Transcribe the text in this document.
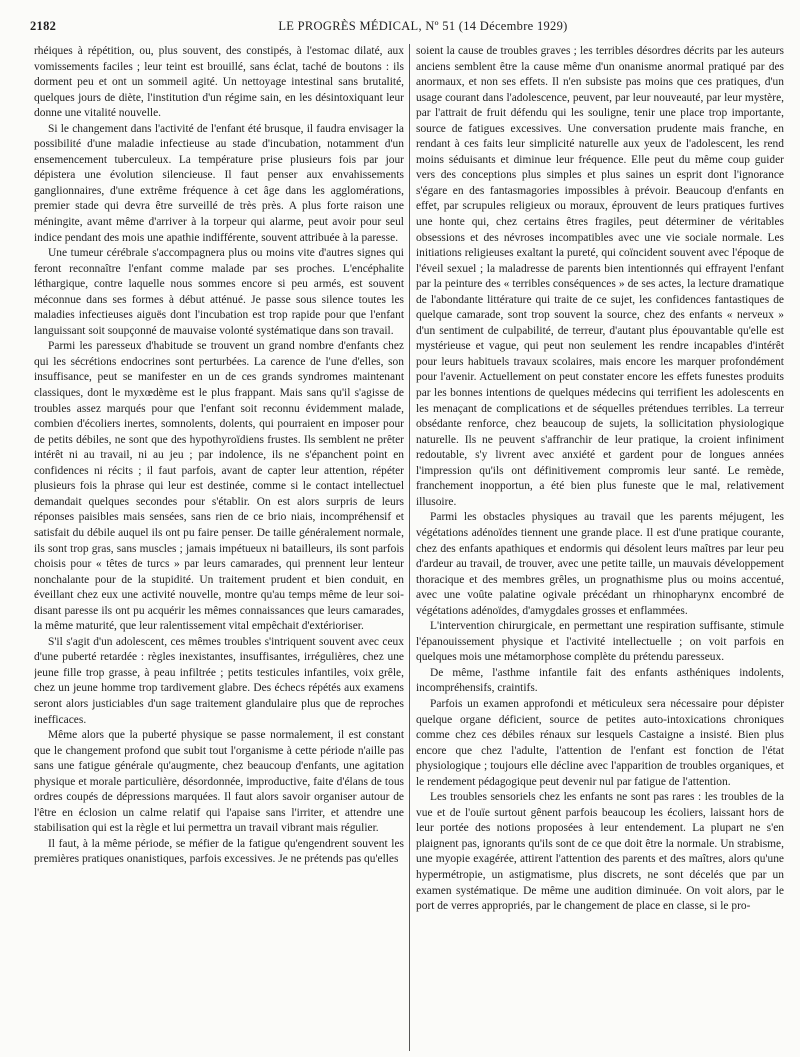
2182	LE PROGRÈS MÉDICAL, Nº 51 (14 Décembre 1929)

rhéiques à répétition, ou, plus souvent, des constipés, à l'estomac dilaté, aux vomissements faciles ; leur teint est brouillé, sans éclat, taché de boutons : ils dorment peu et ont un sommeil agité. Un nettoyage intestinal sans brutalité, quelques jours de diète, l'institution d'un régime sain, en les désintoxiquant leur donne une vitalité nouvelle.

Si le changement dans l'activité de l'enfant été brusque, il faudra envisager la possibilité d'une maladie infectieuse au stade d'incubation, notamment d'un ensemencement tuberculeux. La température prise plusieurs fois par jour dépistera une évolution silencieuse. Il faut penser aux envahissements ganglionnaires, d'une extrême fréquence à cet âge dans les agglomérations, premier stade qui devra être surveillé de très près. A plus forte raison une méningite, avant même d'arriver à la torpeur qui alarme, peut avoir pour seul indice pendant des mois une apathie indifférente, souvent attribuée à la paresse.

Une tumeur cérébrale s'accompagnera plus ou moins vite d'autres signes qui feront reconnaître l'enfant comme malade par ses proches. L'encéphalite léthargique, contre laquelle nous sommes encore si peu armés, est souvent méconnue dans ses formes à début atténué. Je passe sous silence toutes les maladies infectieuses aiguës dont l'incubation est trop rapide pour que l'enfant languissant soit soupçonné de mauvaise volonté systématique dans son travail.

Parmi les paresseux d'habitude se trouvent un grand nombre d'enfants chez qui les sécrétions endocrines sont perturbées. La carence de l'une d'elles, son insuffisance, peut se manifester en un de ces grands syndromes maintenant classiques, dont le myxœdème est le plus frappant. Mais sans qu'il s'agisse de troubles assez marqués pour que l'enfant soit reconnu évidemment malade, combien d'écoliers inertes, somnolents, dolents, qui pourraient en imposer pour de petits débiles, ne sont que des hypothyroïdiens frustes. Ils semblent ne prêter intérêt ni au travail, ni au jeu ; par indolence, ils ne s'épanchent point en confidences ni récits ; il faut parfois, avant de capter leur attention, répéter plusieurs fois la phrase qui leur est destinée, comme si le contact intellectuel demandait quelques secondes pour s'établir. On est alors surpris de leurs réponses paisibles mais sensées, sans rien de ce brio niais, incompréhensif et satisfait du débile auquel ils ont pu faire penser. De taille généralement normale, ils sont trop gras, sans muscles ; jamais impétueux ni batailleurs, ils sont parfois choisis pour « têtes de turcs » par leurs camarades, qui prennent leur lenteur nonchalante pour de la stupidité. Un traitement prudent et bien conduit, en éveillant chez eux une activité nouvelle, montre qu'au temps même de leur soi-disant paresse ils ont pu acquérir les mêmes connaissances que leurs camarades, la même maturité, que leur ralentissement vital empêchait d'extérioriser.

S'il s'agit d'un adolescent, ces mêmes troubles s'intriquent souvent avec ceux d'une puberté retardée : règles inexistantes, insuffisantes, irrégulières, chez une jeune fille trop grasse, à peau infiltrée ; petits testicules infantiles, voix grêle, chez un jeune homme trop tardivement glabre. Des échecs répétés aux examens seront alors justiciables d'un sage traitement glandulaire plus que de reproches inefficaces.

Même alors que la puberté physique se passe normalement, il est constant que le changement profond que subit tout l'organisme à cette période n'aille pas sans une fatigue générale qu'augmente, chez beaucoup d'enfants, une agitation physique et morale particulière, désordonnée, improductive, faite d'élans de tous ordres coupés de dépressions marquées. Il faut alors savoir organiser autour de l'être en éclosion un calme relatif qui l'apaise sans l'irriter, et attendre une stabilisation qui est la règle et lui permettra un travail vibrant mais régulier.

Il faut, à la même période, se méfier de la fatigue qu'engendrent souvent les premières pratiques onanistiques, parfois excessives. Je ne prétends pas qu'elles

soient la cause de troubles graves ; les terribles désordres décrits par les auteurs anciens semblent être la cause même d'un onanisme anormal pratiqué par des anormaux, et non ses effets. Il n'en subsiste pas moins que ces pratiques, d'un usage courant dans l'adolescence, peuvent, par leur nouveauté, par leur mystère, par l'attrait de fruit défendu qui les souligne, tenir une place trop importante, source de fatigues excessives. Une conversation prudente mais franche, en rendant à ces faits leur simplicité naturelle aux yeux de l'adolescent, les rend moins séduisants et diminue leur fréquence. Elle peut du même coup guider vers des conceptions plus simples et plus saines un esprit dont l'ignorance s'égare en des fantasmagories impossibles à prévoir. Beaucoup d'enfants en effet, par scrupules religieux ou moraux, éprouvent de leurs pratiques furtives une honte qui, chez certains êtres fragiles, peut déterminer de véritables obsessions et des névroses incompatibles avec une vie sociale normale. Les initiations religieuses exaltant la pureté, qui coïncident souvent avec l'époque de l'éveil sexuel ; la maladresse de parents bien intentionnés qui effrayent l'enfant par la peinture des « terribles conséquences » de ses actes, la lecture dramatique de l'abondante littérature qui traite de ce sujet, les confidences fantastiques de quelque camarade, sont trop souvent la source, chez des enfants « nerveux » d'un sentiment de culpabilité, de terreur, d'autant plus épouvantable qu'elle est mystérieuse et vague, qui peut non seulement les rendre incapables d'intérêt pour leurs habituels travaux scolaires, mais encore les marquer profondément pour l'avenir. Actuellement on peut constater encore les effets funestes produits par les bonnes intentions de quelques médecins qui terrifient les adolescents en les menaçant de complications et de séquelles prétendues terribles. La terreur obsédante renforce, chez beaucoup de sujets, la sollicitation physiologique naturelle. Ils ne peuvent s'affranchir de leur pratique, la croient infiniment redoutable, s'y livrent avec anxiété et gardent pour de longues années l'impression qu'ils ont définitivement compromis leur santé. Le remède, franchement inopportun, a été bien plus funeste que le mal, relativement illusoire.

Parmi les obstacles physiques au travail que les parents méjugent, les végétations adénoïdes tiennent une grande place. Il est d'une pratique courante, chez des enfants apathiques et endormis qui désolent leurs maîtres par leur peu d'ardeur au travail, de trouver, avec une petite taille, un mauvais développement thoracique et des membres grêles, un prognathisme plus ou moins accentué, avec une voûte palatine ogivale précédant un rhinopharynx encombré de végétations adénoïdes, d'amygdales grosses et enflammées.

L'intervention chirurgicale, en permettant une respiration suffisante, stimule l'épanouissement physique et l'activité intellectuelle ; on voit parfois en quelques mois une métamorphose complète du prétendu paresseux.

De même, l'asthme infantile fait des enfants asthéniques indolents, incompréhensifs, craintifs.

Parfois un examen approfondi et méticuleux sera nécessaire pour dépister quelque organe déficient, source de petites auto-intoxications chroniques comme chez ces débiles rénaux sur lesquels Castaigne a insisté. Bien plus encore que chez l'adulte, l'attention de l'enfant est fonction de l'état physiologique ; toujours elle décline avec l'apparition de troubles organiques, et le rendement pédagogique peut devenir nul par fatigue de l'attention.

Les troubles sensoriels chez les enfants ne sont pas rares : les troubles de la vue et de l'ouïe surtout gênent parfois beaucoup les écoliers, laissant hors de leur portée des notions proposées à leur entendement. La plupart ne s'en plaignent pas, ignorants qu'ils sont de ce que doit être la normale. Un strabisme, une myopie exagérée, attirent l'attention des parents et des maîtres, alors qu'une hypermétropie, un astigmatisme, plus discrets, ne sont décelés que par un examen systématique. De même une audition diminuée. On voit alors, par le port de verres appropriés, par le changement de place en classe, si le pro-
